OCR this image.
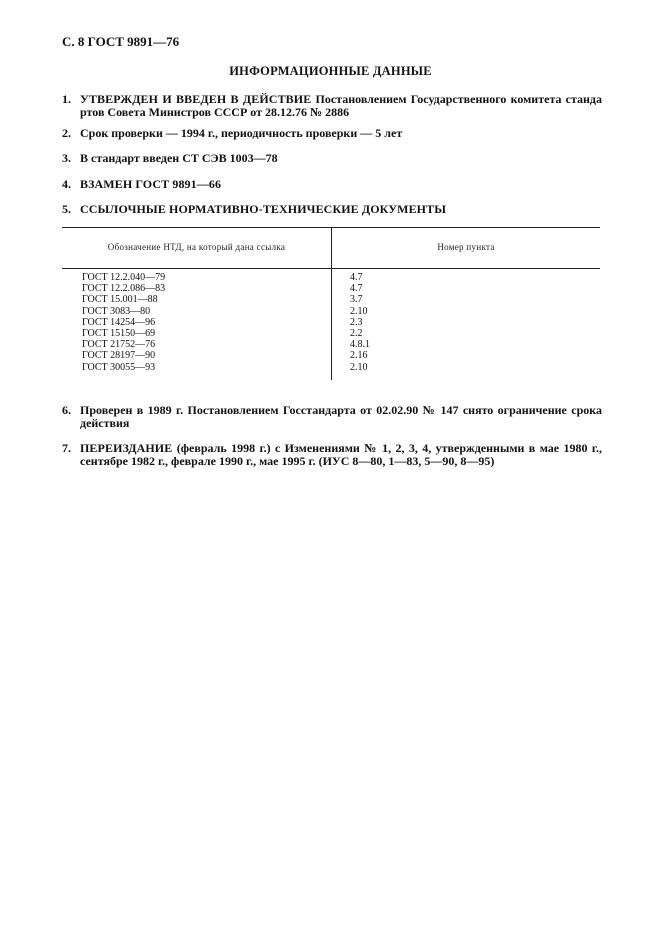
С. 8 ГОСТ 9891—76
ИНФОРМАЦИОННЫЕ ДАННЫЕ
1. УТВЕРЖДЕН И ВВЕДЕН В ДЕЙСТВИЕ Постановлением Государственного комитета станда ртов Совета Министров СССР от 28.12.76 № 2886
2. Срок проверки — 1994 г., периодичность проверки — 5 лет
3. В стандарт введен СТ СЭВ 1003—78
4. ВЗАМЕН ГОСТ 9891—66
5. ССЫЛОЧНЫЕ НОРМАТИВНО-ТЕХНИЧЕСКИЕ ДОКУМЕНТЫ
Обозначение НТД, на который дана ссылка	Номер пункта
ГОСТ 12.2.040—79
ГОСТ 12.2.086—83
ГОСТ 15.001—88
ГОСТ 3083—80
ГОСТ 14254—96
ГОСТ 15150—69
ГОСТ 21752—76
ГОСТ 28197—90
ГОСТ 30055—93
4.7
4.7
3.7
2.10
2.3
2.2
4.8.1
2.16
2.10
6. Проверен в 1989 г. Постановлением Госстандарта от 02.02.90 № 147 снято ограничение срока действия
7. ПЕРЕИЗДАНИЕ (февраль 1998 г.) с Изменениями № 1, 2, 3, 4, утвержденными в мае 1980 г., сентябре 1982 г., феврале 1990 г., мае 1995 г. (ИУС 8—80, 1—83, 5—90, 8—95)
